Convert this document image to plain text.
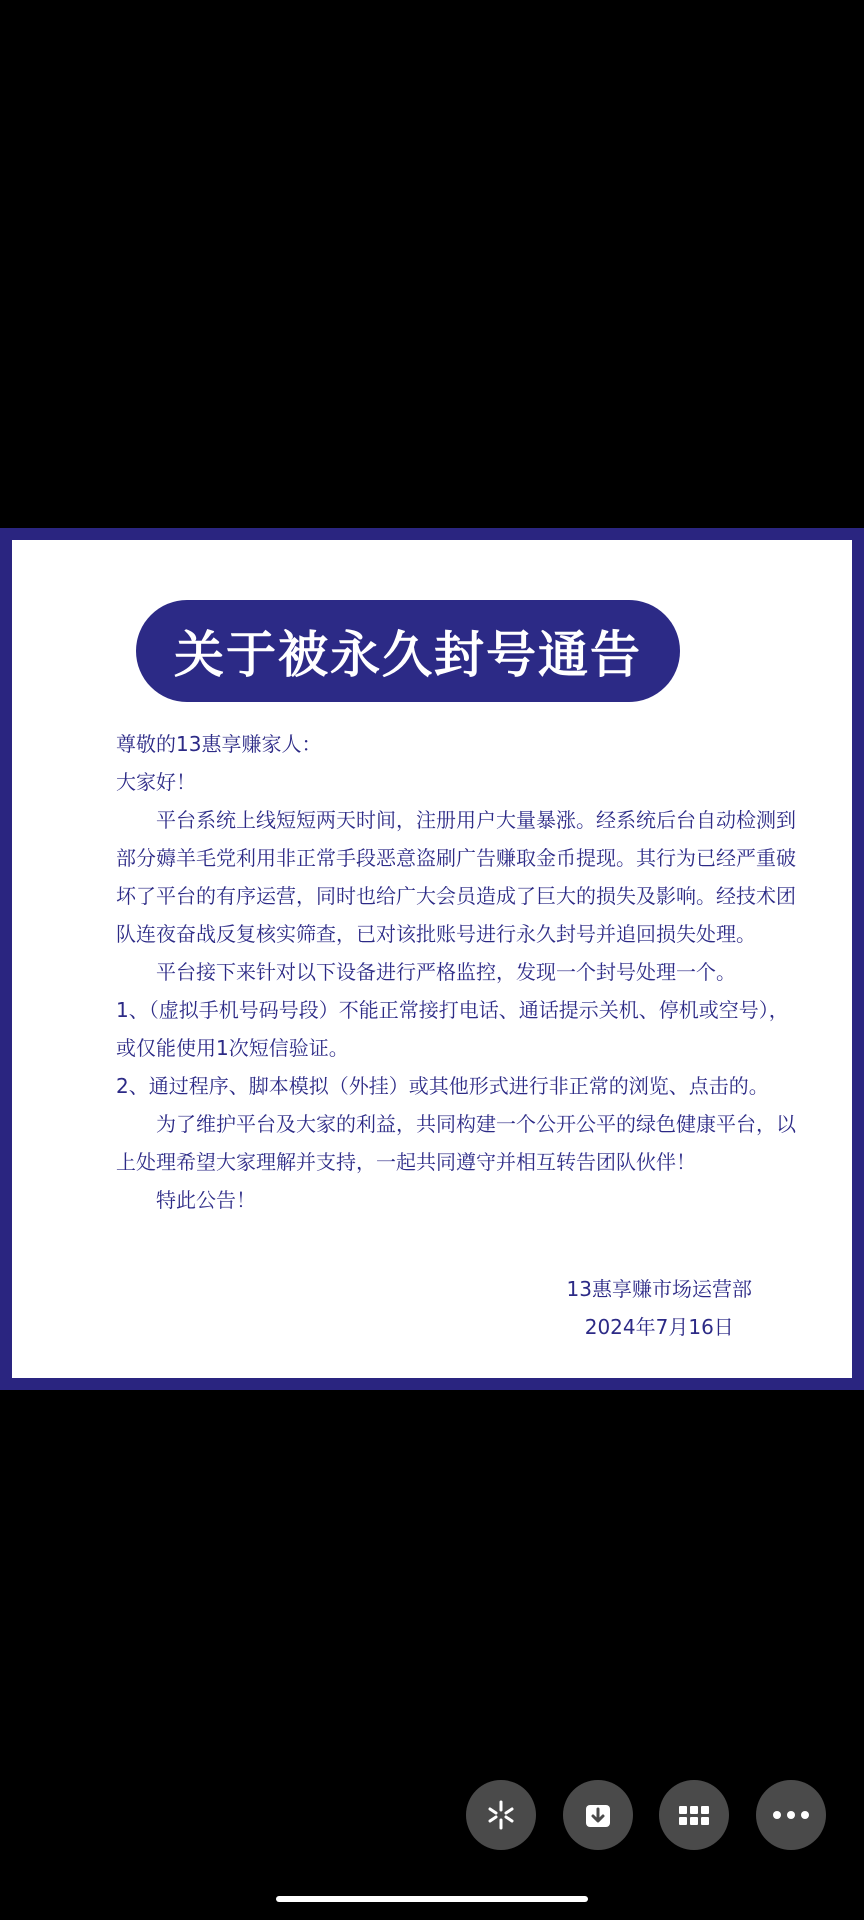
关于被永久封号通告

尊敬的13惠享赚家人：

大家好！

平台系统上线短短两天时间，注册用户大量暴涨。经系统后台自动检测到部分薅羊毛党利用非正常手段恶意盗刷广告赚取金币提现。其行为已经严重破坏了平台的有序运营，同时也给广大会员造成了巨大的损失及影响。经技术团队连夜奋战反复核实筛查，已对该批账号进行永久封号并追回损失处理。

平台接下来针对以下设备进行严格监控，发现一个封号处理一个。

1、（虚拟手机号码号段）不能正常接打电话、通话提示关机、停机或空号），或仅能使用1次短信验证。

2、通过程序、脚本模拟（外挂）或其他形式进行非正常的浏览、点击的。

为了维护平台及大家的利益，共同构建一个公开公平的绿色健康平台，以上处理希望大家理解并支持，一起共同遵守并相互转告团队伙伴！

特此公告！

13惠享赚市场运营部
2024年7月16日
